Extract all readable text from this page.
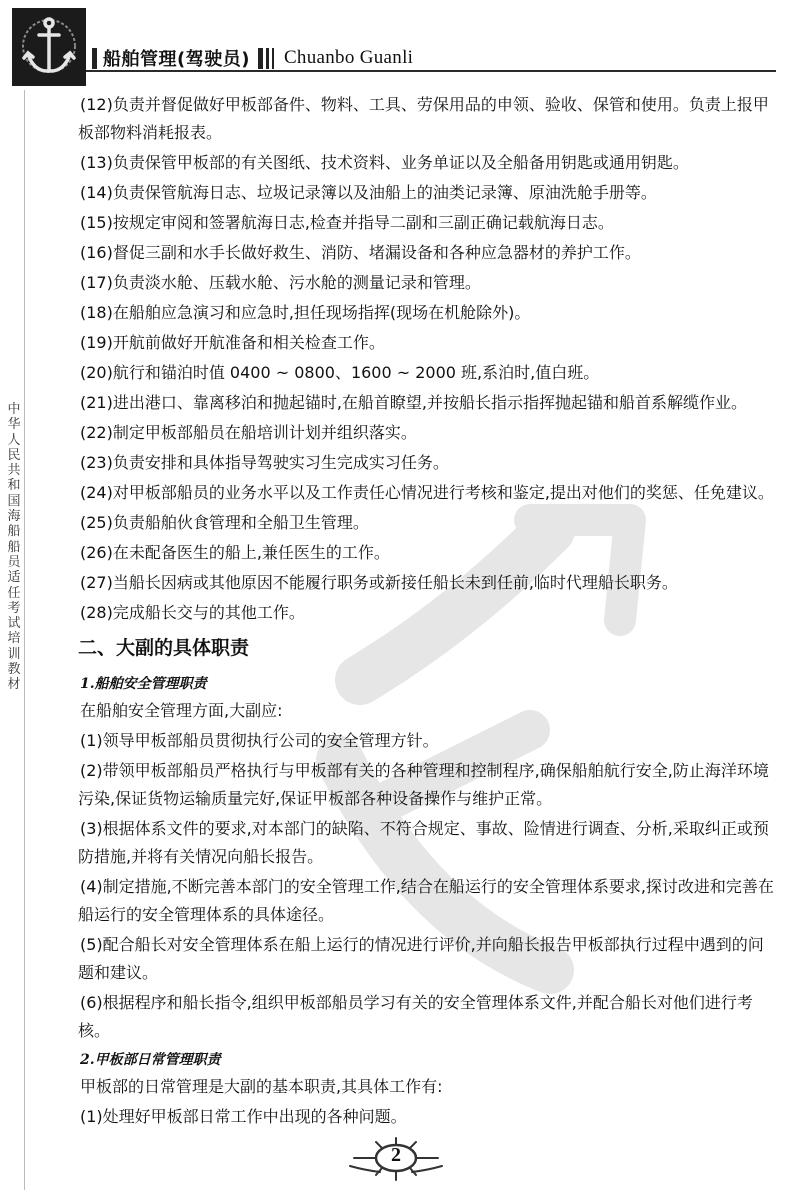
船舶管理(驾驶员) Chuanbo Guanli
中华人民共和国海船船员适任考试培训教材
(12)负责并督促做好甲板部备件、物料、工具、劳保用品的申领、验收、保管和使用。负责上报甲板部物料消耗报表。
(13)负责保管甲板部的有关图纸、技术资料、业务单证以及全船备用钥匙或通用钥匙。
(14)负责保管航海日志、垃圾记录簿以及油船上的油类记录簿、原油洗舱手册等。
(15)按规定审阅和签署航海日志,检查并指导二副和三副正确记载航海日志。
(16)督促三副和水手长做好救生、消防、堵漏设备和各种应急器材的养护工作。
(17)负责淡水舱、压载水舱、污水舱的测量记录和管理。
(18)在船舶应急演习和应急时,担任现场指挥(现场在机舱除外)。
(19)开航前做好开航准备和相关检查工作。
(20)航行和锚泊时值 0400 ~ 0800、1600 ~ 2000 班,系泊时,值白班。
(21)进出港口、靠离移泊和抛起锚时,在船首瞭望,并按船长指示指挥抛起锚和船首系解缆作业。
(22)制定甲板部船员在船培训计划并组织落实。
(23)负责安排和具体指导驾驶实习生完成实习任务。
(24)对甲板部船员的业务水平以及工作责任心情况进行考核和鉴定,提出对他们的奖惩、任免建议。
(25)负责船舶伙食管理和全船卫生管理。
(26)在未配备医生的船上,兼任医生的工作。
(27)当船长因病或其他原因不能履行职务或新接任船长未到任前,临时代理船长职务。
(28)完成船长交与的其他工作。
二、大副的具体职责
1.船舶安全管理职责
在船舶安全管理方面,大副应:
(1)领导甲板部船员贯彻执行公司的安全管理方针。
(2)带领甲板部船员严格执行与甲板部有关的各种管理和控制程序,确保船舶航行安全,防止海洋环境污染,保证货物运输质量完好,保证甲板部各种设备操作与维护正常。
(3)根据体系文件的要求,对本部门的缺陷、不符合规定、事故、险情进行调查、分析,采取纠正或预防措施,并将有关情况向船长报告。
(4)制定措施,不断完善本部门的安全管理工作,结合在船运行的安全管理体系要求,探讨改进和完善在船运行的安全管理体系的具体途径。
(5)配合船长对安全管理体系在船上运行的情况进行评价,并向船长报告甲板部执行过程中遇到的问题和建议。
(6)根据程序和船长指令,组织甲板部船员学习有关的安全管理体系文件,并配合船长对他们进行考核。
2.甲板部日常管理职责
甲板部的日常管理是大副的基本职责,其具体工作有:
(1)处理好甲板部日常工作中出现的各种问题。
2
